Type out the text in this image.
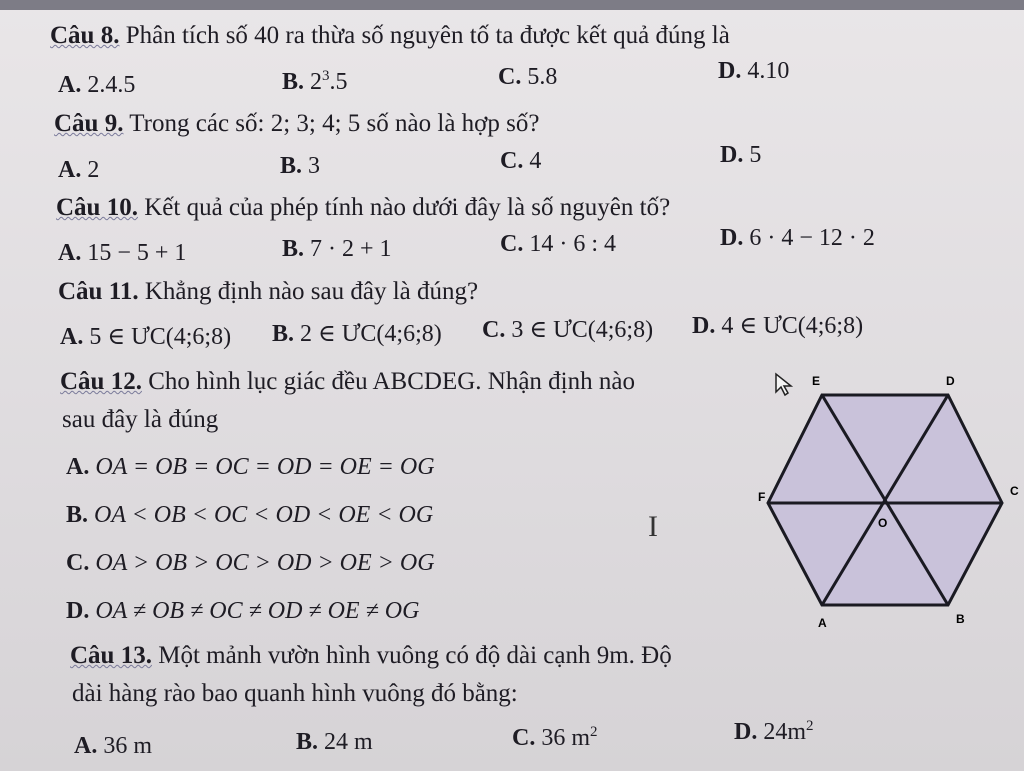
Câu 8. Phân tích số 40 ra thừa số nguyên tố ta được kết quả đúng là
A. 2.4.5	B. $2^3.5$	C. 5.8	D. 4.10
Câu 9. Trong các số: 2; 3; 4; 5 số nào là hợp số?
A. 2	B. 3	C. 4	D. 5
Câu 10. Kết quả của phép tính nào dưới đây là số nguyên tố?
A. 15 − 5 + 1	B. 7 · 2 + 1	C. 14 · 6 : 4	D. 6 · 4 − 12 · 2
Câu 11. Khẳng định nào sau đây là đúng?
A. 5 ∈ ƯC(4;6;8) B. 2 ∈ ƯC(4;6;8) C. 3 ∈ ƯC(4;6;8) D. 4 ∈ ƯC(4;6;8)
Câu 12. Cho hình lục giác đều ABCDEG. Nhận định nào
sau đây là đúng
A. OA = OB = OC = OD = OE = OG
B. OA < OB < OC < OD < OE < OG
C. OA > OB > OC > OD > OE > OG
D. OA ≠ OB ≠ OC ≠ OD ≠ OE ≠ OG
I
E	D
F	C
O
A	B
Câu 13. Một mảnh vườn hình vuông có độ dài cạnh 9m. Độ
dài hàng rào bao quanh hình vuông đó bằng:
A. 36 m	B. 24 m	C. 36 $m^2$	D. $24m^2$
